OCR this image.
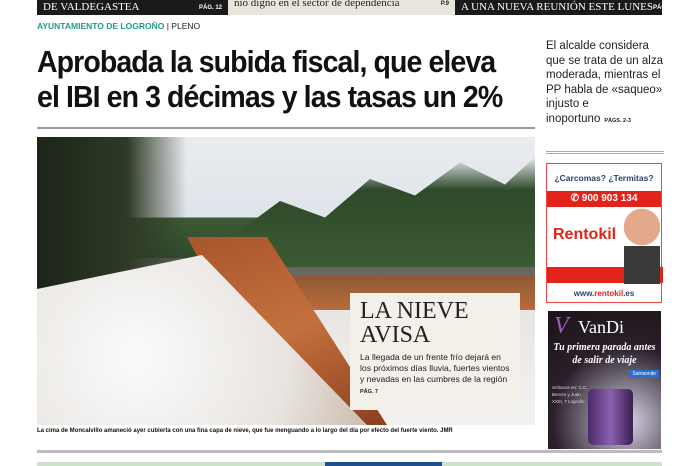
DE VALDEGASTEA	PÁG. 12 nio digno en el sector de dependencia	P.9 A UNA NUEVA REUNIÓN ESTE LUNES PÁG. 20
AYUNTAMIENTO DE LOGROÑO | PLENO
Aprobada la subida fiscal, que eleva
el IBI en 3 décimas y las tasas un 2%
El alcalde considera que se trata de un alza moderada, mientras el PP habla de «saqueo» injusto e inoportuno PÁGS. 2-3
LA NIEVE AVISA
La llegada de un frente frío dejará en los próximos días lluvia, fuertes vientos y nevadas en las cumbres de la región PÁG. 7
La cima de Moncalvillo amaneció ayer cubierta con una fina capa de nieve, que fue menguando a lo largo del día por efecto del fuerte viento. JMR
¿Carcomas? ¿Termitas?
✆ 900 903 134
Rentokil
www.rentokil.es
V VanDi
Tu primera parada antes de salir de viaje
Samsonite
visítanos en: C.C. Berceo y Juan XXIII, 7 Logroño
